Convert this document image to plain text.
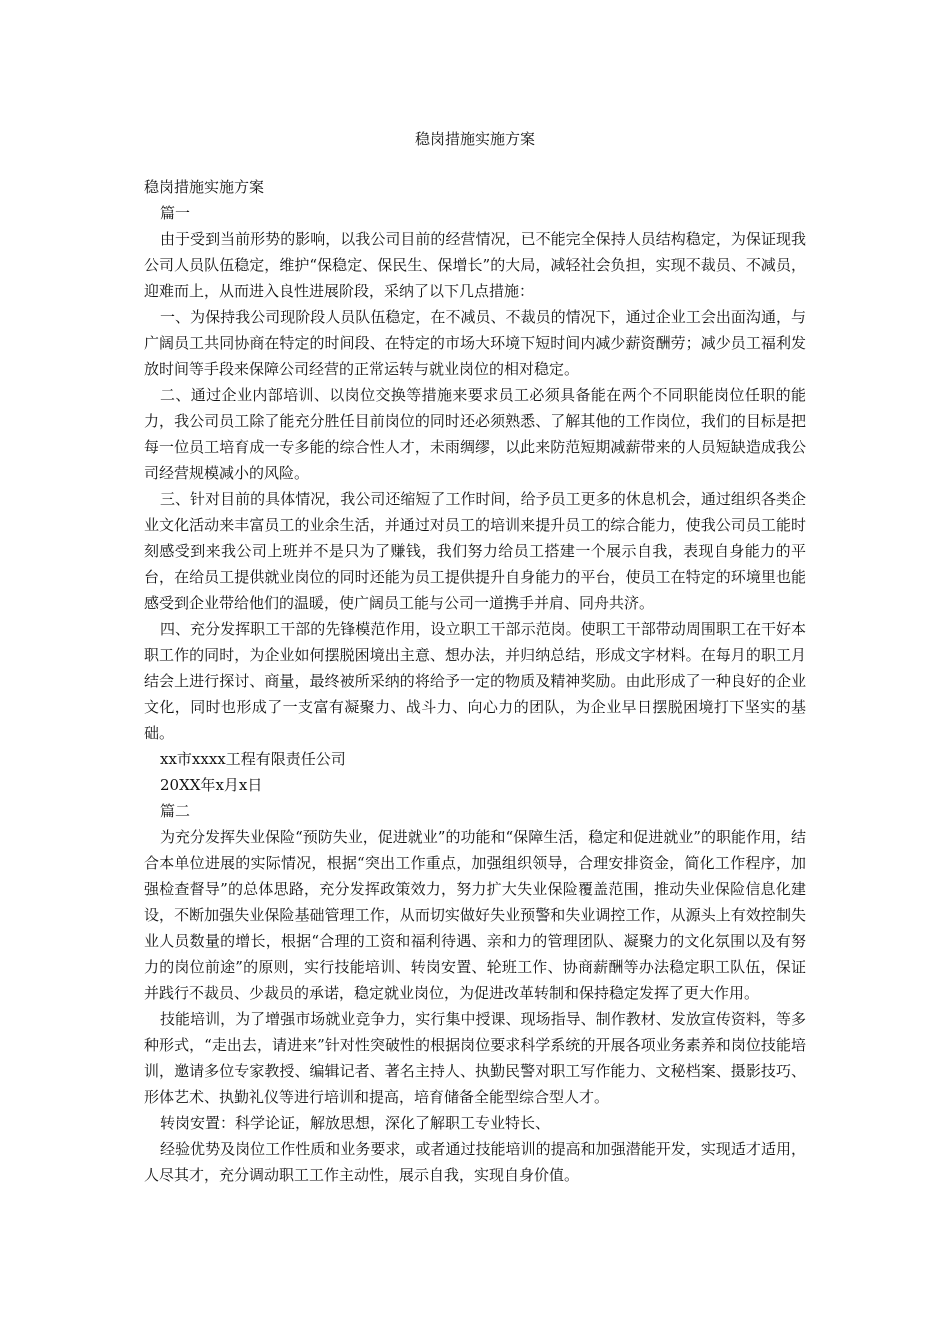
稳岗措施实施方案

稳岗措施实施方案

篇一

由于受到当前形势的影响，以我公司目前的经营情况，已不能完全保持人员结构稳定，为保证现我公司人员队伍稳定，维护“保稳定、保民生、保增长”的大局，减轻社会负担，实现不裁员、不减员，迎难而上，从而进入良性进展阶段，采纳了以下几点措施：

一、为保持我公司现阶段人员队伍稳定，在不减员、不裁员的情况下，通过企业工会出面沟通，与广阔员工共同协商在特定的时间段、在特定的市场大环境下短时间内减少薪资酬劳；减少员工福利发放时间等手段来保障公司经营的正常运转与就业岗位的相对稳定。

二、通过企业内部培训、以岗位交换等措施来要求员工必须具备能在两个不同职能岗位任职的能力，我公司员工除了能充分胜任目前岗位的同时还必须熟悉、了解其他的工作岗位，我们的目标是把每一位员工培育成一专多能的综合性人才，未雨绸缪，以此来防范短期减薪带来的人员短缺造成我公司经营规模减小的风险。

三、针对目前的具体情况，我公司还缩短了工作时间，给予员工更多的休息机会，通过组织各类企业文化活动来丰富员工的业余生活，并通过对员工的培训来提升员工的综合能力，使我公司员工能时刻感受到来我公司上班并不是只为了赚钱，我们努力给员工搭建一个展示自我，表现自身能力的平台，在给员工提供就业岗位的同时还能为员工提供提升自身能力的平台，使员工在特定的环境里也能感受到企业带给他们的温暖，使广阔员工能与公司一道携手并肩、同舟共济。

四、充分发挥职工干部的先锋模范作用，设立职工干部示范岗。使职工干部带动周围职工在干好本职工作的同时，为企业如何摆脱困境出主意、想办法，并归纳总结，形成文字材料。在每月的职工月结会上进行探讨、商量，最终被所采纳的将给予一定的物质及精神奖励。由此形成了一种良好的企业文化，同时也形成了一支富有凝聚力、战斗力、向心力的团队，为企业早日摆脱困境打下坚实的基础。

xx市xxxx工程有限责任公司

20XX年x月x日

篇二

为充分发挥失业保险“预防失业，促进就业”的功能和“保障生活，稳定和促进就业”的职能作用，结合本单位进展的实际情况，根据“突出工作重点，加强组织领导，合理安排资金，简化工作程序，加强检查督导”的总体思路，充分发挥政策效力，努力扩大失业保险覆盖范围，推动失业保险信息化建设，不断加强失业保险基础管理工作，从而切实做好失业预警和失业调控工作，从源头上有效控制失业人员数量的增长，根据“合理的工资和福利待遇、亲和力的管理团队、凝聚力的文化氛围以及有努力的岗位前途”的原则，实行技能培训、转岗安置、轮班工作、协商薪酬等办法稳定职工队伍，保证并践行不裁员、少裁员的承诺，稳定就业岗位，为促进改革转制和保持稳定发挥了更大作用。

技能培训，为了增强市场就业竞争力，实行集中授课、现场指导、制作教材、发放宣传资料，等多种形式，“走出去，请进来”针对性突破性的根据岗位要求科学系统的开展各项业务素养和岗位技能培训，邀请多位专家教授、编辑记者、著名主持人、执勤民警对职工写作能力、文秘档案、摄影技巧、形体艺术、执勤礼仪等进行培训和提高，培育储备全能型综合型人才。

转岗安置：科学论证，解放思想，深化了解职工专业特长、

经验优势及岗位工作性质和业务要求，或者通过技能培训的提高和加强潜能开发，实现适才适用，人尽其才，充分调动职工工作主动性，展示自我，实现自身价值。
